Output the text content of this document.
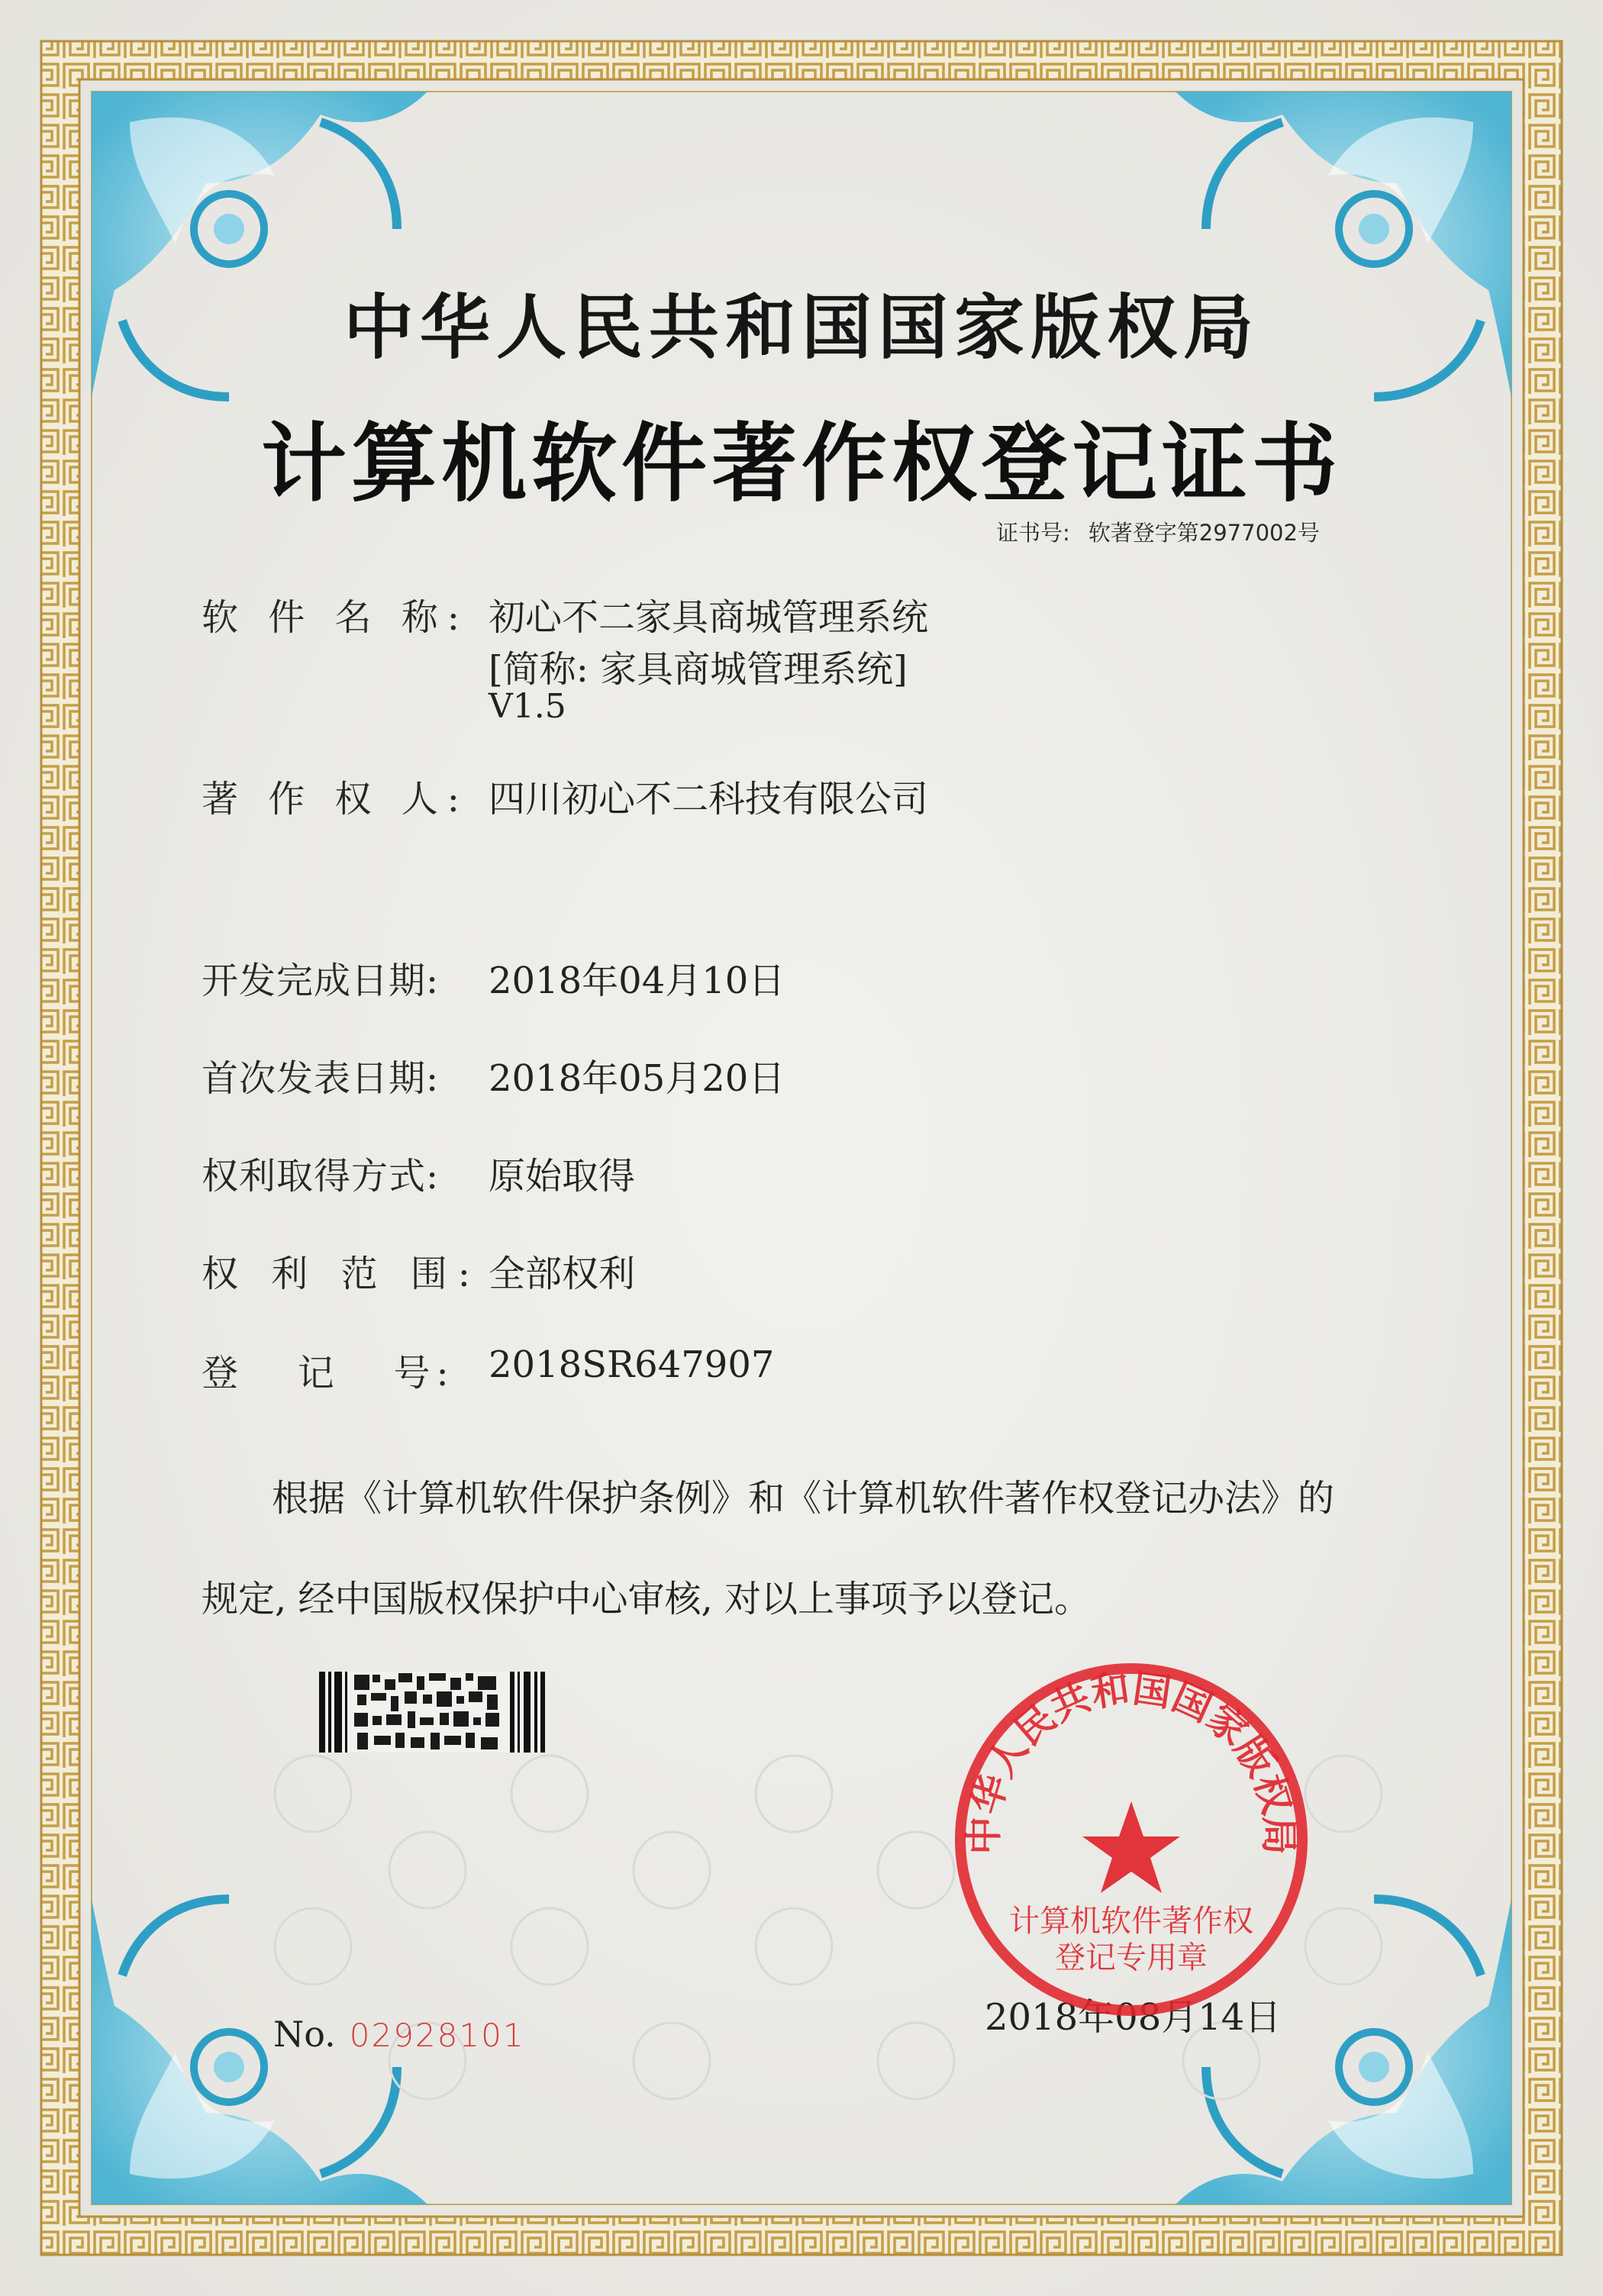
中华人民共和国国家版权局
计算机软件著作权登记证书
证书号: 软著登字第2977002号
软 件 名 称: 初心不二家具商城管理系统
[简称: 家具商城管理系统]
V1.5
著 作 权 人: 四川初心不二科技有限公司
开发完成日期: 2018年04月10日
首次发表日期: 2018年05月20日
权利取得方式: 原始取得
权 利 范 围: 全部权利
登   记   号: 2018SR647907
根据《计算机软件保护条例》和《计算机软件著作权登记办法》的
规定, 经中国版权保护中心审核, 对以上事项予以登记。
No. 02928101	2018年08月14日
中华人民共和国国家版权局
计算机软件著作权
登记专用章
